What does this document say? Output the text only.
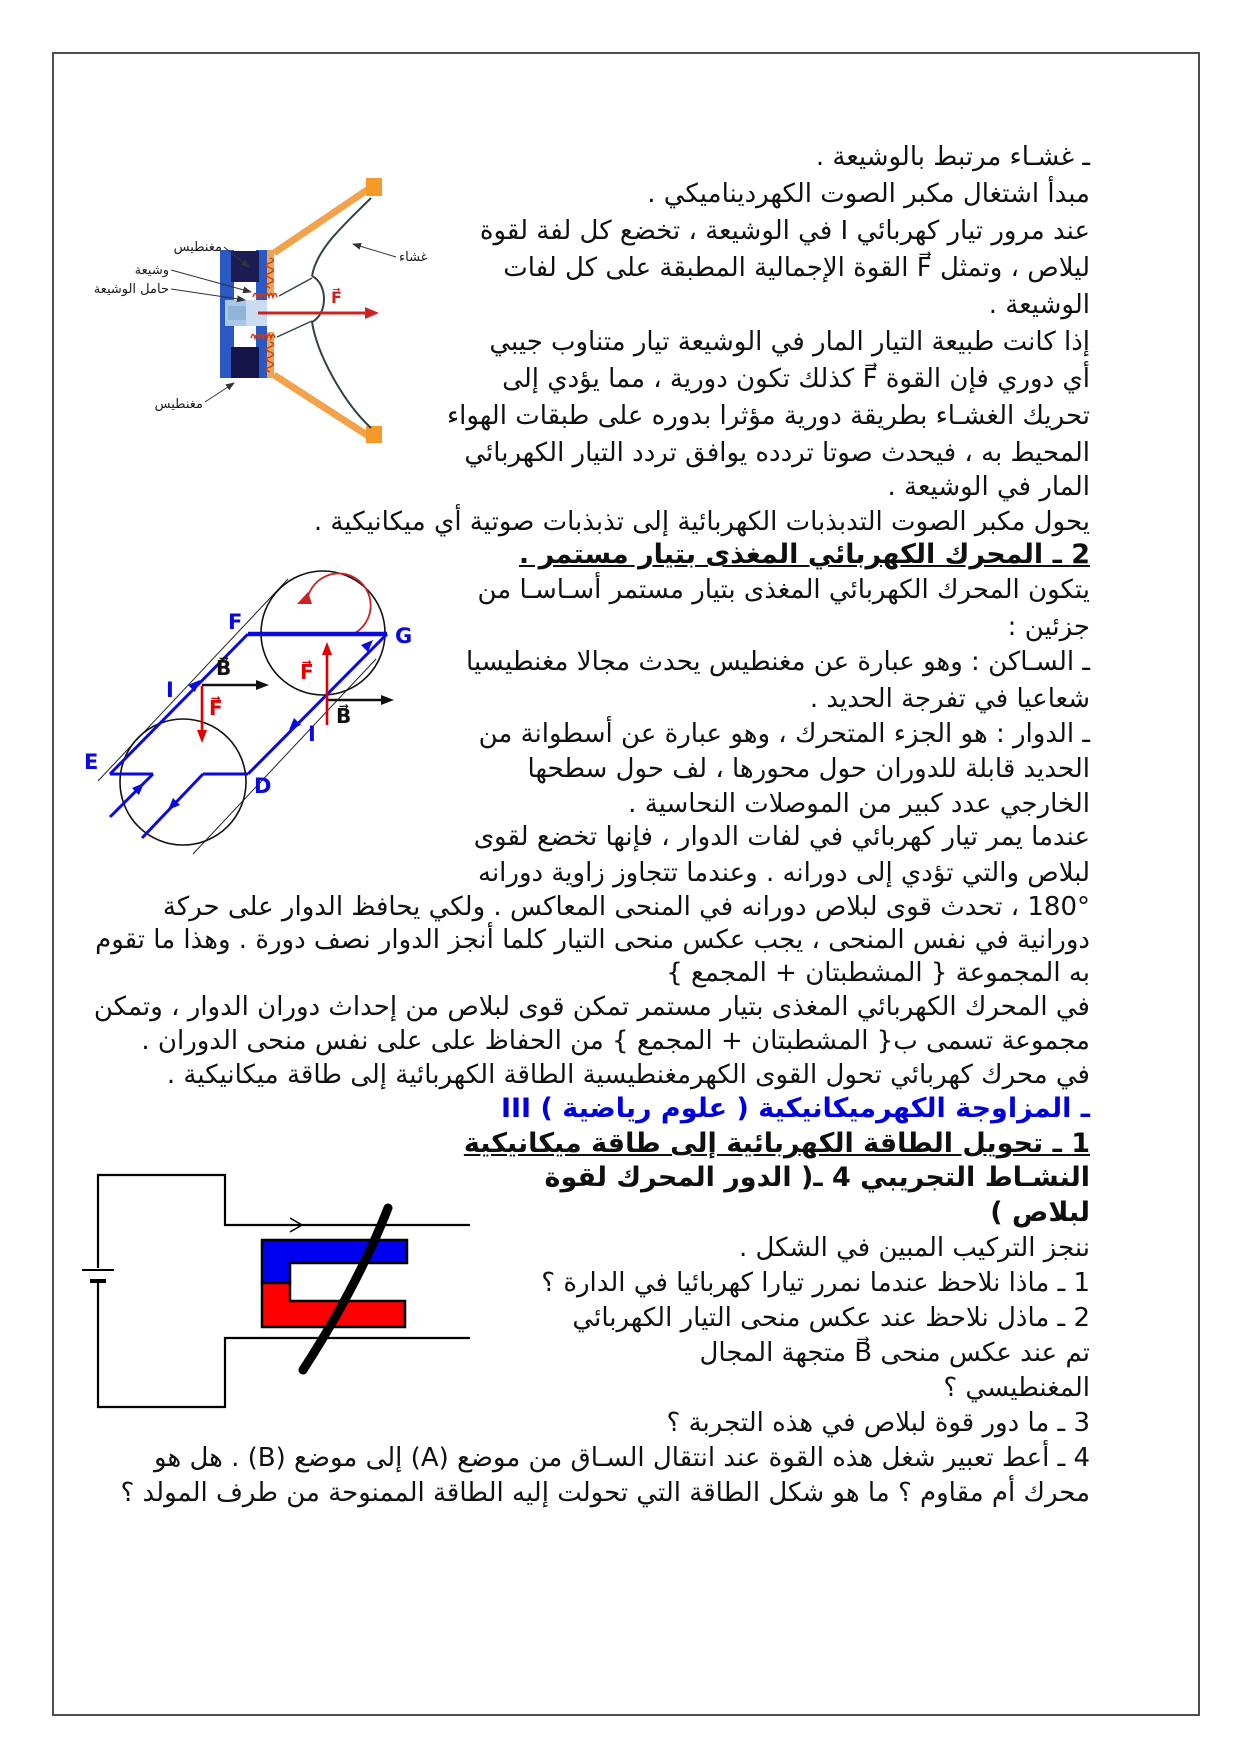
ـ غشـاء مرتبط بالوشيعة .
مبدأ اشتغال مكبر الصوت الكهرديناميكي .
عند مرور تيار كهربائي I في الوشيعة ، تخضع كل لفة لقوة
ليلاص ، وتمثل F⃗ القوة الإجمالية المطبقة على كل لفات
الوشيعة .
إذا كانت طبيعة التيار المار في الوشيعة تيار متناوب جيبي
أي دوري فإن القوة F⃗ كذلك تكون دورية ، مما يؤدي إلى
تحريك الغشـاء بطريقة دورية مؤثرا بدوره على طبقات الهواء
المحيط به ، فيحدث صوتا تردده يوافق تردد التيار الكهربائي
المار في الوشيعة .
يحول مكبر الصوت التدبذبات الكهربائية إلى تذبذبات صوتية أي ميكانيكية .
2 ـ المحرك الكهربائي المغذى بتيار مستمر .
يتكون المحرك الكهربائي المغذى بتيار مستمر أسـاسـا من
جزئين :
ـ السـاكن : وهو عبارة عن مغنطيس يحدث مجالا مغنطيسيا
شعاعيا في تفرجة الحديد .
ـ الدوار : هو الجزء المتحرك ، وهو عبارة عن أسطوانة من
الحديد قابلة للدوران حول محورها ، لف حول سطحها
الخارجي عدد كبير من الموصلات النحاسية .
عندما يمر تيار كهربائي في لفات الدوار ، فإنها تخضع لقوى
لبلاص والتي تؤدي إلى دورانه . وعندما تتجاوز زاوية دورانه
180° ، تحدث قوى لبلاص دورانه في المنحى المعاكس . ولكي يحافظ الدوار على حركة
دورانية في نفس المنحى ، يجب عكس منحى التيار كلما أنجز الدوار نصف دورة . وهذا ما تقوم
به المجموعة { المشطبتان + المجمع }
في المحرك الكهربائي المغذى بتيار مستمر تمكن قوى لبلاص من إحداث دوران الدوار ، وتمكن
مجموعة تسمى ب{ المشطبتان + المجمع } من الحفاظ على على نفس منحى الدوران .
في محرك كهربائي تحول القوى الكهرمغنطيسية الطاقة الكهربائية إلى طاقة ميكانيكية .
III ـ المزاوجة الكهرميكانيكية ( علوم رياضية )
1 ـ تحويل الطاقة الكهربائية إلى طاقة ميكانيكية
النشـاط التجريبي 4 ـ( الدور المحرك لقوة
لبلاص )
ننجز التركيب المبين في الشكل .
1 ـ ماذا نلاحظ عندما نمرر تيارا كهربائيا في الدارة ؟
2 ـ ماذل نلاحظ عند عكس منحى التيار الكهربائي
تم عند عكس منحى B⃗ متجهة المجال
المغنطيسي ؟
3 ـ ما دور قوة لبلاص في هذه التجربة ؟
4 ـ أعط تعبير شغل هذه القوة عند انتقال السـاق من موضع (A) إلى موضع (B) . هل هو
محرك أم مقاوم ؟ ما هو شكل الطاقة التي تحولت إليه الطاقة الممنوحة من طرف المولد ؟
F⃗
مغنطيس
وشيعة
حامل الوشيعة
غشاء
مغنطيس
F
G
E
D
I
I
B⃗
B⃗
F⃗
F⃗
